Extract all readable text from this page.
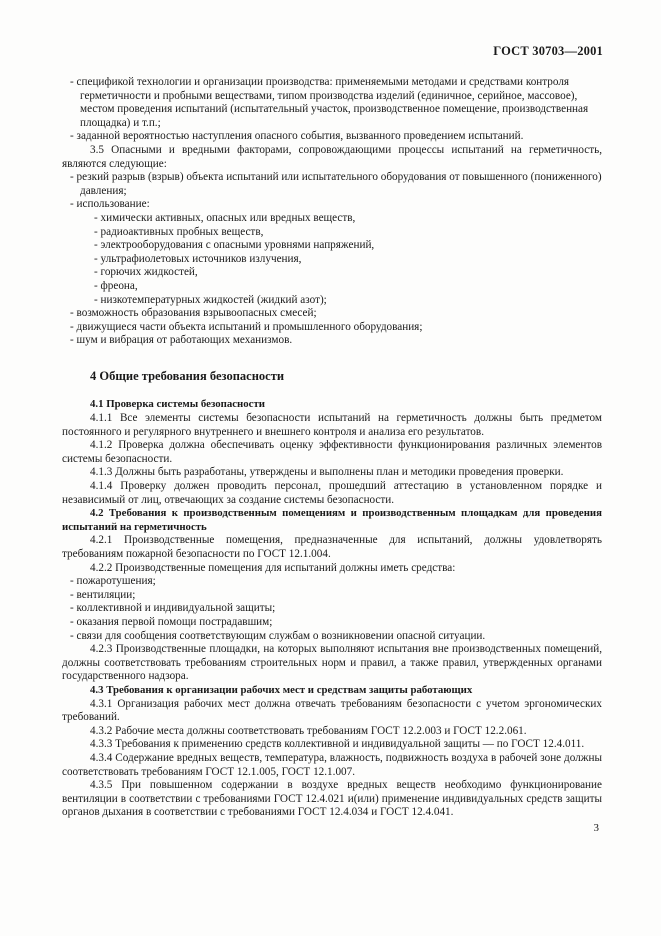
ГОСТ 30703—2001

- спецификой технологии и организации производства: применяемыми методами и средствами контроля герметичности и пробными веществами, типом производства изделий (единичное, серийное, массовое), местом проведения испытаний (испытательный участок, производственное помещение, производственная площадка) и т.п.;

- заданной вероятностью наступления опасного события, вызванного проведением испытаний.

3.5 Опасными и вредными факторами, сопровождающими процессы испытаний на герметичность, являются следующие:

- резкий разрыв (взрыв) объекта испытаний или испытательного оборудования от повышенного (пониженного) давления;

- использование:

- химически активных, опасных или вредных веществ,

- радиоактивных пробных веществ,

- электрооборудования с опасными уровнями напряжений,

- ультрафиолетовых источников излучения,

- горючих жидкостей,

- фреона,

- низкотемпературных жидкостей (жидкий азот);

- возможность образования взрывоопасных смесей;

- движущиеся части объекта испытаний и промышленного оборудования;

- шум и вибрация от работающих механизмов.

4 Общие требования безопасности

4.1 Проверка системы безопасности

4.1.1 Все элементы системы безопасности испытаний на герметичность должны быть предметом постоянного и регулярного внутреннего и внешнего контроля и анализа его результатов.

4.1.2 Проверка должна обеспечивать оценку эффективности функционирования различных элементов системы безопасности.

4.1.3 Должны быть разработаны, утверждены и выполнены план и методики проведения проверки.

4.1.4 Проверку должен проводить персонал, прошедший аттестацию в установленном порядке и независимый от лиц, отвечающих за создание системы безопасности.

4.2 Требования к производственным помещениям и производственным площадкам для проведения испытаний на герметичность

4.2.1 Производственные помещения, предназначенные для испытаний, должны удовлетворять требованиям пожарной безопасности по ГОСТ 12.1.004.

4.2.2 Производственные помещения для испытаний должны иметь средства:

- пожаротушения;

- вентиляции;

- коллективной и индивидуальной защиты;

- оказания первой помощи пострадавшим;

- связи для сообщения соответствующим службам о возникновении опасной ситуации.

4.2.3 Производственные площадки, на которых выполняют испытания вне производственных помещений, должны соответствовать требованиям строительных норм и правил, а также правил, утвержденных органами государственного надзора.

4.3 Требования к организации рабочих мест и средствам защиты работающих

4.3.1 Организация рабочих мест должна отвечать требованиям безопасности с учетом эргономических требований.

4.3.2 Рабочие места должны соответствовать требованиям ГОСТ 12.2.003 и ГОСТ 12.2.061.

4.3.3 Требования к применению средств коллективной и индивидуальной защиты — по ГОСТ 12.4.011.

4.3.4 Содержание вредных веществ, температура, влажность, подвижность воздуха в рабочей зоне должны соответствовать требованиям ГОСТ 12.1.005, ГОСТ 12.1.007.

4.3.5 При повышенном содержании в воздухе вредных веществ необходимо функционирование вентиляции в соответствии с требованиями ГОСТ 12.4.021 и(или) применение индивидуальных средств защиты органов дыхания в соответствии с требованиями ГОСТ 12.4.034 и ГОСТ 12.4.041.

3
